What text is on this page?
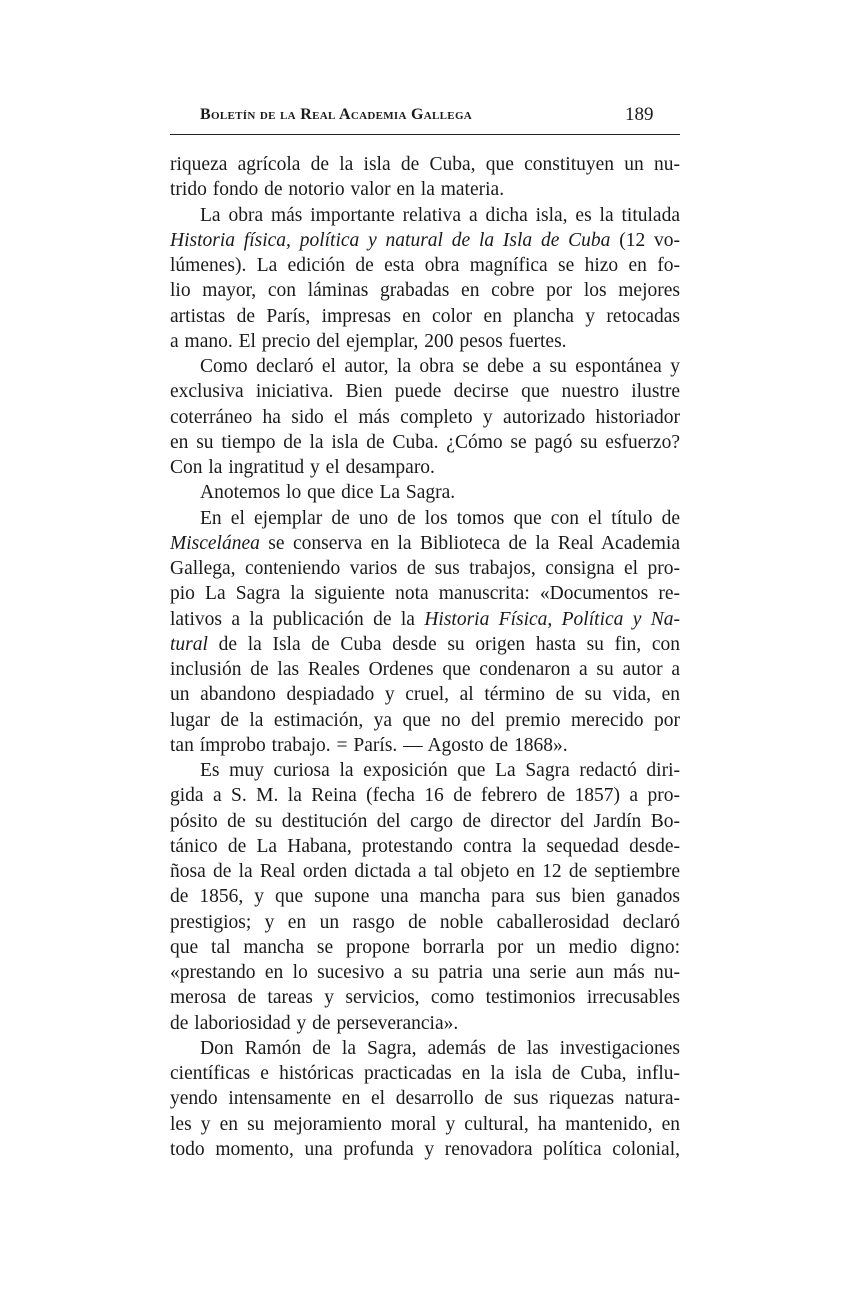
Boletín de la Real Academia Gallega	189
riqueza agrícola de la isla de Cuba, que constituyen un nu-
trido fondo de notorio valor en la materia.
La obra más importante relativa a dicha isla, es la titulada
Historia física, política y natural de la Isla de Cuba (12 vo-
lúmenes). La edición de esta obra magnífica se hizo en fo-
lio mayor, con láminas grabadas en cobre por los mejores
artistas de París, impresas en color en plancha y retocadas
a mano. El precio del ejemplar, 200 pesos fuertes.
Como declaró el autor, la obra se debe a su espontánea y
exclusiva iniciativa. Bien puede decirse que nuestro ilustre
coterráneo ha sido el más completo y autorizado historiador
en su tiempo de la isla de Cuba. ¿Cómo se pagó su esfuerzo?
Con la ingratitud y el desamparo.
Anotemos lo que dice La Sagra.
En el ejemplar de uno de los tomos que con el título de
Miscelánea se conserva en la Biblioteca de la Real Academia
Gallega, conteniendo varios de sus trabajos, consigna el pro-
pio La Sagra la siguiente nota manuscrita: «Documentos re-
lativos a la publicación de la Historia Física, Política y Na-
tural de la Isla de Cuba desde su origen hasta su fin, con
inclusión de las Reales Ordenes que condenaron a su autor a
un abandono despiadado y cruel, al término de su vida, en
lugar de la estimación, ya que no del premio merecido por
tan ímprobo trabajo. = París. — Agosto de 1868».
Es muy curiosa la exposición que La Sagra redactó diri-
gida a S. M. la Reina (fecha 16 de febrero de 1857) a pro-
pósito de su destitución del cargo de director del Jardín Bo-
tánico de La Habana, protestando contra la sequedad desde-
ñosa de la Real orden dictada a tal objeto en 12 de septiembre
de 1856, y que supone una mancha para sus bien ganados
prestigios; y en un rasgo de noble caballerosidad declaró
que tal mancha se propone borrarla por un medio digno:
«prestando en lo sucesivo a su patria una serie aun más nu-
merosa de tareas y servicios, como testimonios irrecusables
de laboriosidad y de perseverancia».
Don Ramón de la Sagra, además de las investigaciones
científicas e históricas practicadas en la isla de Cuba, influ-
yendo intensamente en el desarrollo de sus riquezas natura-
les y en su mejoramiento moral y cultural, ha mantenido, en
todo momento, una profunda y renovadora política colonial,
